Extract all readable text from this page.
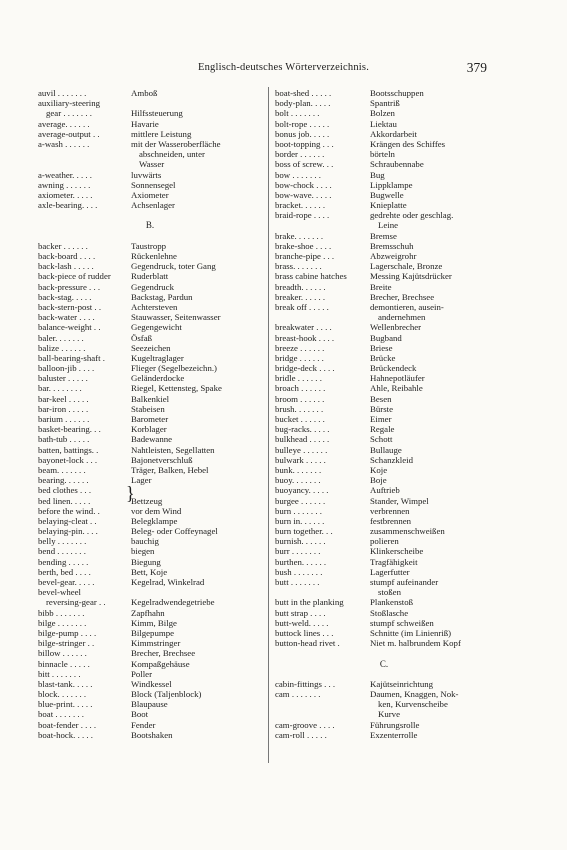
Englisch-deutsches Wörterverzeichnis.	379
auvil . . . . . . .	Amboß
auxiliary-steering
gear . . . . . . .	Hilfssteuerung
average. . . . . .	Havarie
average-output . .	mittlere Leistung
a-wash . . . . . .	mit der Wasseroberfläche
abschneiden, unter
Wasser
a-weather. . . . .	luvwärts
awning . . . . . .	Sonnensegel
axiometer. . . . .	Axiometer
axle-bearing. . . .	Achsenlager

B.

backer . . . . . .	Taustropp
back-board . . . .	Rückenlehne
back-lash . . . . .	Gegendruck, toter Gang
back-piece of rudder Ruderblatt
back-pressure . . .	Gegendruck
back-stag. . . . .	Backstag, Pardun
back-stern-post . .	Achtersteven
back-water . . . .	Stauwasser, Seitenwasser
balance-weight . .	Gegengewicht
baler. . . . . . .	Ösfaß
balize . . . . . .	Seezeichen
ball-bearing-shaft .	Kugeltraglager
balloon-jib . . . .	Flieger (Segelbezeichn.)
baluster . . . . .	Geländerdocke
bar. . . . . . . .	Riegel, Kettensteg, Spake
bar-keel . . . . .	Balkenkiel
bar-iron . . . . .	Stabeisen
barium . . . . . .	Barometer
basket-bearing. . .	Korblager
bath-tub . . . . .	Badewanne
batten, battings. .	Nahtleisten, Segellatten
bayonet-lock . . .	Bajonetverschluß
beam. . . . . . .	Träger, Balken, Hebel
bearing. . . . . .	Lager
bed clothes . . .
bed linen. . . . .	Bettzeug
}
before the wind. .	vor dem Wind
belaying-cleat . .	Belegklampe
belaying-pin. . . .	Beleg- oder Coffeynagel
belly . . . . . . .	bauchig
bend . . . . . . .	biegen
bending . . . . .	Biegung
berth, bed . . . .	Bett, Koje
bevel-gear. . . . .	Kegelrad, Winkelrad
bevel-wheel
reversing-gear . .	Kegelradwendegetriebe
bibb . . . . . . .	Zapfhahn
bilge . . . . . . .	Kimm, Bilge
bilge-pump . . . .	Bilgepumpe
bilge-stringer . .	Kimmstringer
billow . . . . . .	Brecher, Brechsee
binnacle . . . . .	Kompaßgehäuse
bitt . . . . . . .	Poller
blast-tank. . . . .	Windkessel
block. . . . . . .	Block (Taljenblock)
blue-print. . . . .	Blaupause
boat . . . . . . .	Boot
boat-fender . . . .	Fender
boat-hock. . . . .	Bootshaken
boat-shed . . . . .	Bootsschuppen
body-plan. . . . .	Spantriß
bolt . . . . . . .	Bolzen
bolt-rope . . . . .	Liektau
bonus job. . . . .	Akkordarbeit
boot-topping . . .	Krängen des Schiffes
border . . . . . .	börteln
boss of screw. . .	Schraubennabe
bow . . . . . . .	Bug
bow-chock . . . .	Lippklampe
bow-wave. . . . .	Bugwelle
bracket. . . . . .	Knieplatte
braid-rope . . . .	gedrehte oder geschlag.
Leine
brake. . . . . . .	Bremse
brake-shoe . . . .	Bremsschuh
branche-pipe . . .	Abzweigrohr
brass. . . . . . .	Lagerschale, Bronze
brass cabine hatches	Messing Kajütsdrücker
breadth. . . . . .	Breite
breaker. . . . . .	Brecher, Brechsee
break off . . . . .	demontieren, ausein-
andernehmen
breakwater . . . .	Wellenbrecher
breast-hook . . . .	Bugband
breeze . . . . . .	Briese
bridge . . . . . .	Brücke
bridge-deck . . . .	Brückendeck
bridle . . . . . .	Hahnepotläufer
broach . . . . . .	Ahle, Reibahle
broom . . . . . .	Besen
brush. . . . . . .	Bürste
bucket . . . . . .	Eimer
bug-racks. . . . .	Regale
bulkhead . . . . .	Schott
bulleye . . . . . .	Bullauge
bulwark . . . . .	Schanzkleid
bunk. . . . . . .	Koje
buoy. . . . . . .	Boje
buoyancy. . . . .	Auftrieb
burgee . . . . . .	Stander, Wimpel
burn . . . . . . .	verbrennen
burn in. . . . . .	festbrennen
burn together. . .	zusammenschweißen
burnish. . . . . .	polieren
burr . . . . . . .	Klinkerscheibe
burthen. . . . . .	Tragfähigkeit
bush . . . . . . .	Lagerfutter
butt . . . . . . .	stumpf aufeinander
stoßen
butt in the planking	Plankenstoß
butt strap . . . .	Stoßlasche
butt-weld. . . . .	stumpf schweißen
buttock lines . . .	Schnitte (im Linienriß)
button-head rivet .	Niet m. halbrundem Kopf

C.

cabin-fittings . . .	Kajütseinrichtung
cam . . . . . . .	Daumen, Knaggen, Nok-
ken, Kurvenscheibe
Kurve
cam-groove . . . .	Führungsrolle
cam-roll . . . . .	Exzenterrolle
